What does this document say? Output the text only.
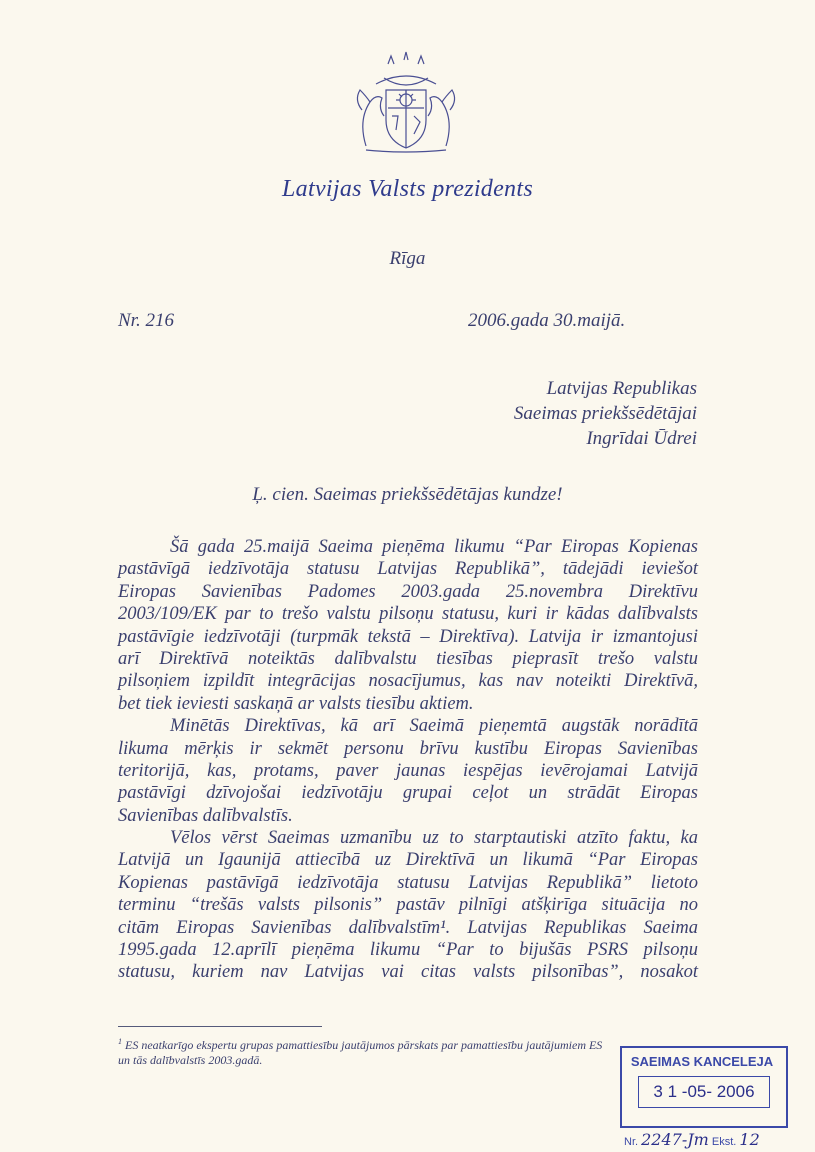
Latvijas Valsts prezidents
Rīga
Nr. 216	2006.gada 30.maijā.
Latvijas Republikas
Saeimas priekšsēdētājai
Ingrīdai Ūdrei
Ļ. cien. Saeimas priekšsēdētājas kundze!
Šā gada 25.maijā Saeima pieņēma likumu “Par Eiropas Kopienas
pastāvīgā iedzīvotāja statusu Latvijas Republikā”, tādejādi ieviešot
Eiropas Savienības Padomes 2003.gada 25.novembra Direktīvu
2003/109/EK par to trešo valstu pilsoņu statusu, kuri ir kādas dalībvalsts
pastāvīgie iedzīvotāji (turpmāk tekstā – Direktīva). Latvija ir izmantojusi
arī Direktīvā noteiktās dalībvalstu tiesības pieprasīt trešo valstu
pilsoņiem izpildīt integrācijas nosacījumus, kas nav noteikti Direktīvā,
bet tiek ieviesti saskaņā ar valsts tiesību aktiem.
Minētās Direktīvas, kā arī Saeimā pieņemtā augstāk norādītā
likuma mērķis ir sekmēt personu brīvu kustību Eiropas Savienības
teritorijā, kas, protams, paver jaunas iespējas ievērojamai Latvijā
pastāvīgi dzīvojošai iedzīvotāju grupai ceļot un strādāt Eiropas
Savienības dalībvalstīs.
Vēlos vērst Saeimas uzmanību uz to starptautiski atzīto faktu, ka
Latvijā un Igaunijā attiecībā uz Direktīvā un likumā “Par Eiropas
Kopienas pastāvīgā iedzīvotāja statusu Latvijas Republikā” lietoto
terminu “trešās valsts pilsonis” pastāv pilnīgi atšķirīga situācija no
citām Eiropas Savienības dalībvalstīm¹. Latvijas Republikas Saeima
1995.gada 12.aprīlī pieņēma likumu “Par to bijušās PSRS pilsoņu
statusu, kuriem nav Latvijas vai citas valsts pilsonības”, nosakot
$^1$ ES neatkarīgo ekspertu grupas pamattiesību jautājumos pārskats par pamattiesību jautājumiem ES
un tās dalībvalstīs 2003.gadā.	SAEIMAS KANCELEJA
3 1 -05- 2006
Nr. 2247-Jm Ekst. 12
